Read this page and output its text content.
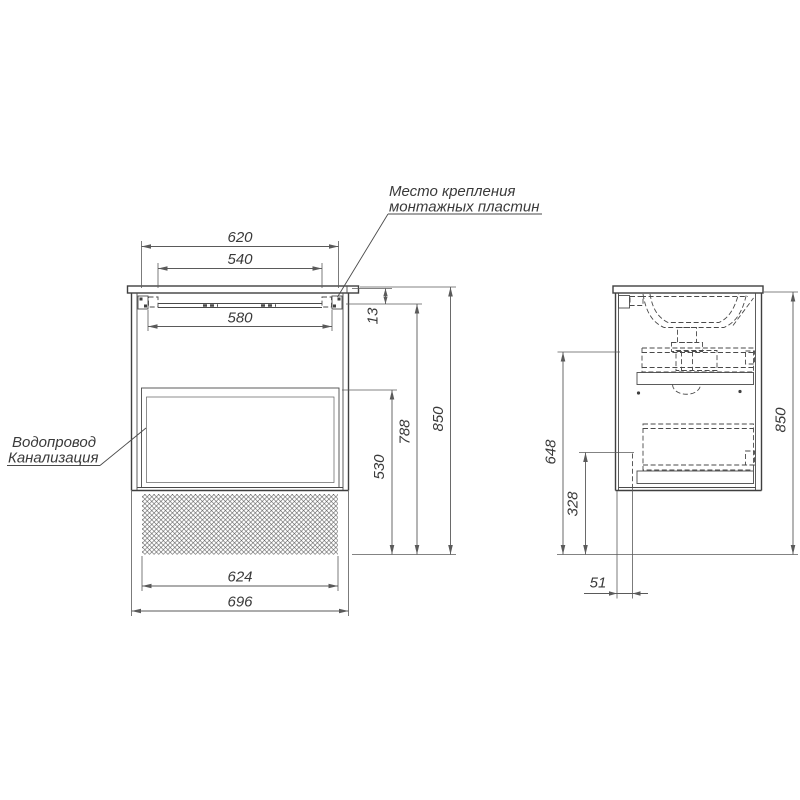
620
540
580	13
530
788
850
624
696
850
648
328
51
Место крепления
монтажных пластин
Водопровод
Канализация
